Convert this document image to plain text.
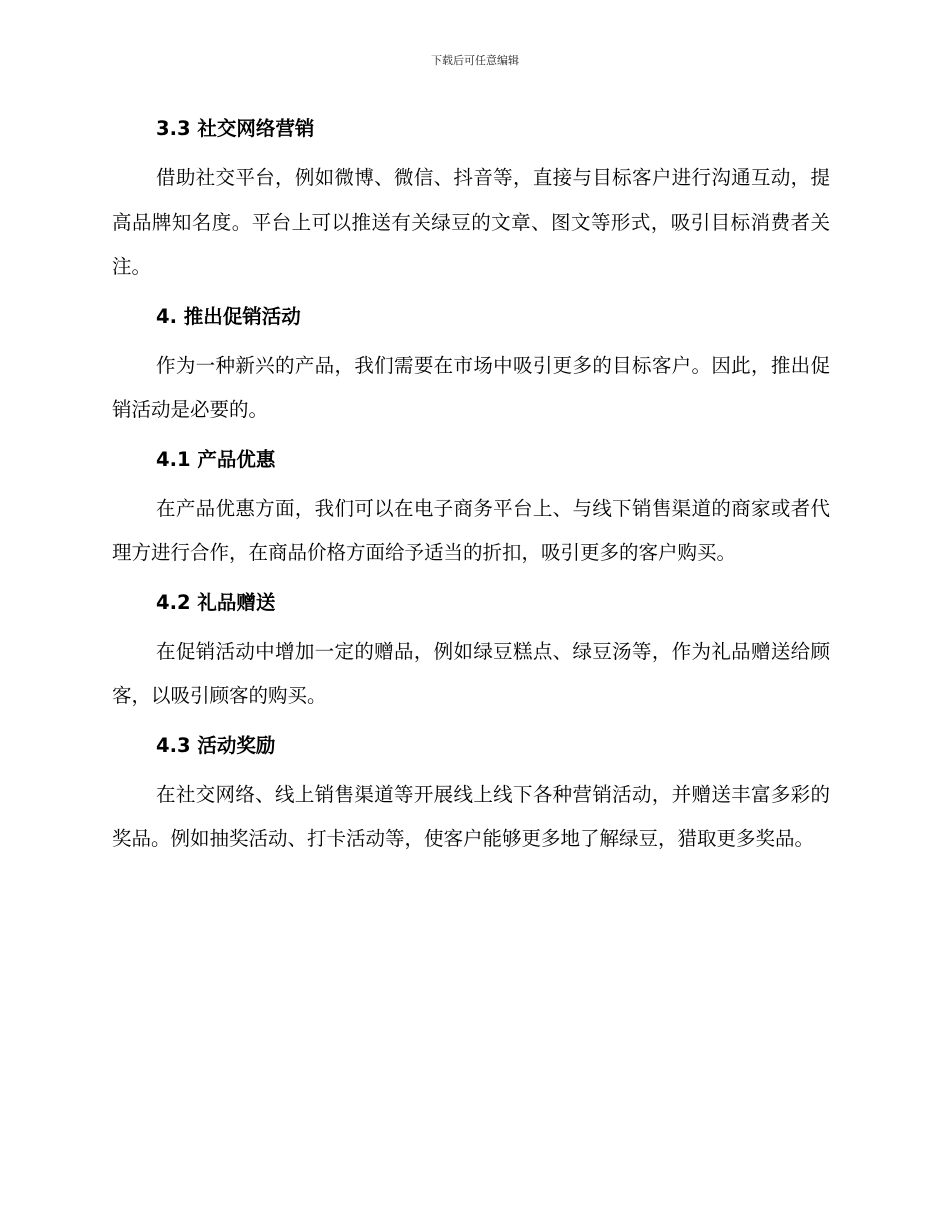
下载后可任意编辑
3.3 社交网络营销

借助社交平台，例如微博、微信、抖音等，直接与目标客户进行沟通互动，提高品牌知名度。平台上可以推送有关绿豆的文章、图文等形式，吸引目标消费者关注。

4. 推出促销活动

作为一种新兴的产品，我们需要在市场中吸引更多的目标客户。因此，推出促销活动是必要的。

4.1 产品优惠

在产品优惠方面，我们可以在电子商务平台上、与线下销售渠道的商家或者代理方进行合作，在商品价格方面给予适当的折扣，吸引更多的客户购买。

4.2 礼品赠送

在促销活动中增加一定的赠品，例如绿豆糕点、绿豆汤等，作为礼品赠送给顾客，以吸引顾客的购买。

4.3 活动奖励

在社交网络、线上销售渠道等开展线上线下各种营销活动，并赠送丰富多彩的奖品。例如抽奖活动、打卡活动等，使客户能够更多地了解绿豆，猎取更多奖品。
